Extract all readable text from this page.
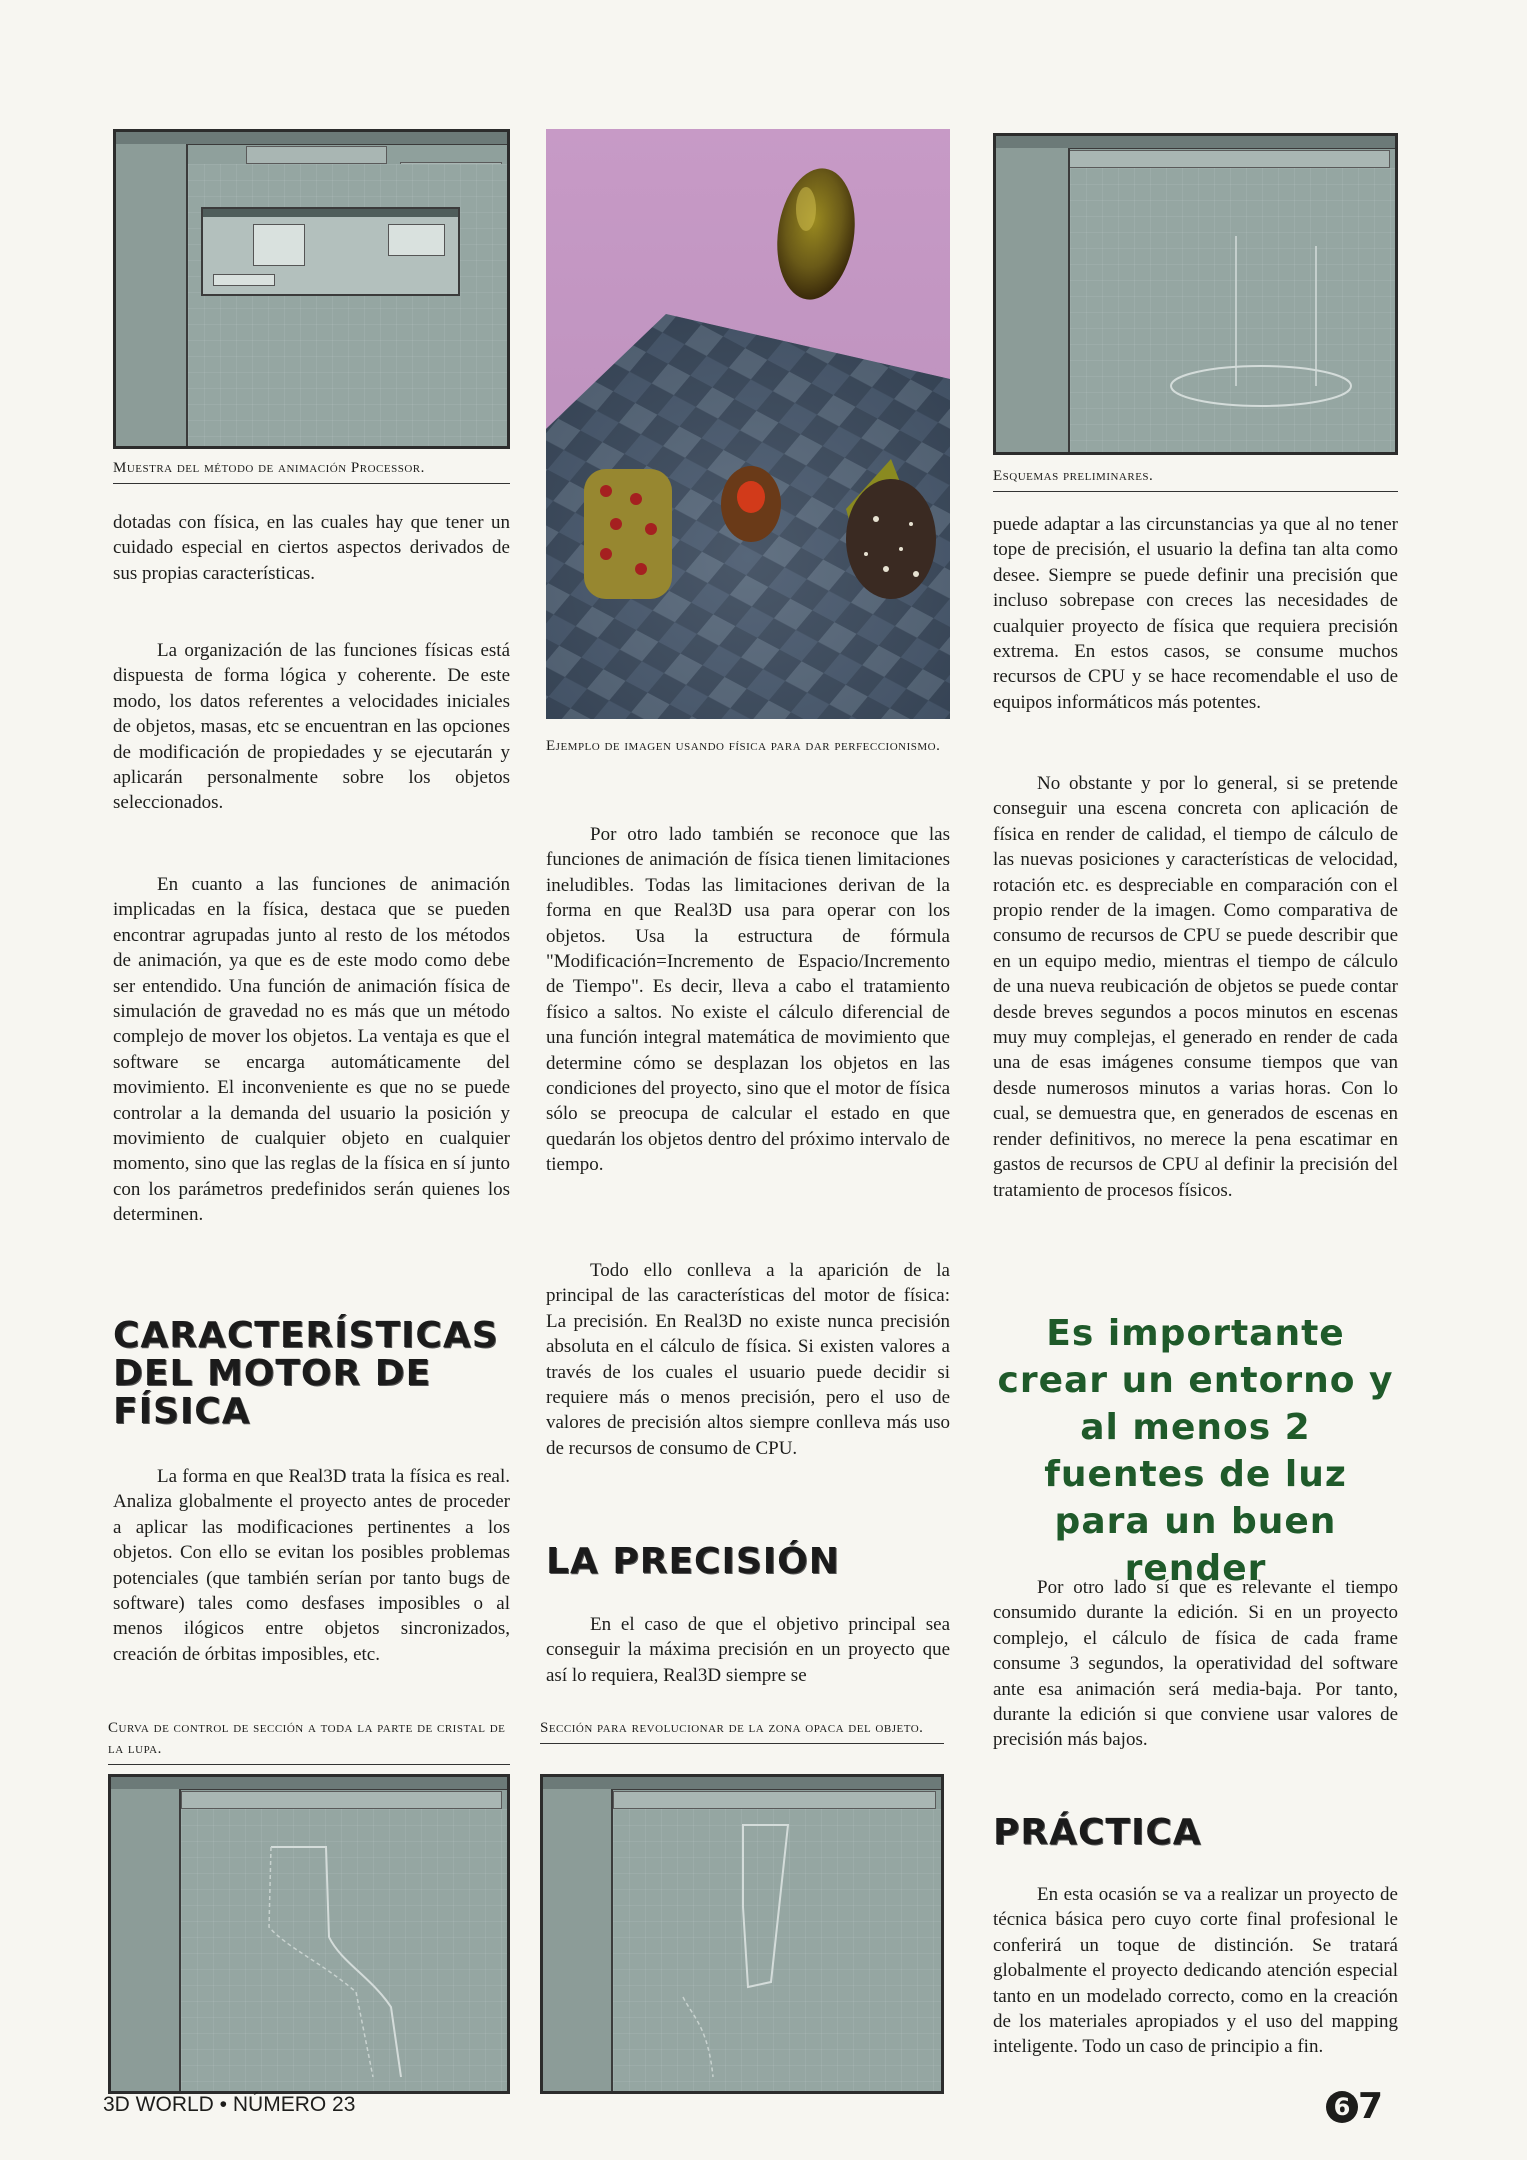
Muestra del método de animación Processor.
Ejemplo de imagen usando física para dar perfeccionismo.
Esquemas preliminares.

dotadas con física, en las cuales hay que tener un cuidado especial en ciertos aspectos derivados de sus propias características.

La organización de las funciones físicas está dispuesta de forma lógica y coherente. De este modo, los datos referentes a velocidades iniciales de objetos, masas, etc se encuentran en las opciones de modificación de propiedades y se ejecutarán y aplicarán personalmente sobre los objetos seleccionados.

En cuanto a las funciones de animación implicadas en la física, destaca que se pueden encontrar agrupadas junto al resto de los métodos de animación, ya que es de este modo como debe ser entendido. Una función de animación física de simulación de gravedad no es más que un método complejo de mover los objetos. La ventaja es que el software se encarga automáticamente del movimiento. El inconveniente es que no se puede controlar a la demanda del usuario la posición y movimiento de cualquier objeto en cualquier momento, sino que las reglas de la física en sí junto con los parámetros predefinidos serán quienes los determinen.

CARACTERÍSTICAS DEL MOTOR DE FÍSICA

La forma en que Real3D trata la física es real. Analiza globalmente el proyecto antes de proceder a aplicar las modificaciones pertinentes a los objetos. Con ello se evitan los posibles problemas potenciales (que también serían por tanto bugs de software) tales como desfases imposibles o al menos ilógicos entre objetos sincronizados, creación de órbitas imposibles, etc.

Curva de control de sección a toda la parte de cristal de la lupa.

Por otro lado también se reconoce que las funciones de animación de física tienen limitaciones ineludibles. Todas las limitaciones derivan de la forma en que Real3D usa para operar con los objetos. Usa la estructura de fórmula "Modificación=Incremento de Espacio/Incremento de Tiempo". Es decir, lleva a cabo el tratamiento físico a saltos. No existe el cálculo diferencial de una función integral matemática de movimiento que determine cómo se desplazan los objetos en las condiciones del proyecto, sino que el motor de física sólo se preocupa de calcular el estado en que quedarán los objetos dentro del próximo intervalo de tiempo.

Todo ello conlleva a la aparición de la principal de las características del motor de física: La precisión. En Real3D no existe nunca precisión absoluta en el cálculo de física. Si existen valores a través de los cuales el usuario puede decidir si requiere más o menos precisión, pero el uso de valores de precisión altos siempre conlleva más uso de recursos de consumo de CPU.

LA PRECISIÓN

En el caso de que el objetivo principal sea conseguir la máxima precisión en un proyecto que así lo requiera, Real3D siempre se

Sección para revolucionar de la zona opaca del objeto.

puede adaptar a las circunstancias ya que al no tener tope de precisión, el usuario la defina tan alta como desee. Siempre se puede definir una precisión que incluso sobrepase con creces las necesidades de cualquier proyecto de física que requiera precisión extrema. En estos casos, se consume muchos recursos de CPU y se hace recomendable el uso de equipos informáticos más potentes.

No obstante y por lo general, si se pretende conseguir una escena concreta con aplicación de física en render de calidad, el tiempo de cálculo de las nuevas posiciones y características de velocidad, rotación etc. es despreciable en comparación con el propio render de la imagen. Como comparativa de consumo de recursos de CPU se puede describir que en un equipo medio, mientras el tiempo de cálculo de una nueva reubicación de objetos se puede contar desde breves segundos a pocos minutos en escenas muy muy complejas, el generado en render de cada una de esas imágenes consume tiempos que van desde numerosos minutos a varias horas. Con lo cual, se demuestra que, en generados de escenas en render definitivos, no merece la pena escatimar en gastos de recursos de CPU al definir la precisión del tratamiento de procesos físicos.

Es importante crear un entorno y al menos 2 fuentes de luz para un buen render

Por otro lado sí que es relevante el tiempo consumido durante la edición. Si en un proyecto complejo, el cálculo de física de cada frame consume 3 segundos, la operatividad del software ante esa animación será media-baja. Por tanto, durante la edición si que conviene usar valores de precisión más bajos.

PRÁCTICA

En esta ocasión se va a realizar un proyecto de técnica básica pero cuyo corte final profesional le conferirá un toque de distinción. Se tratará globalmente el proyecto dedicando atención especial tanto en un modelado correcto, como en la creación de los materiales apropiados y el uso del mapping inteligente. Todo un caso de principio a fin.

3D WORLD • NÚMERO 23	6 7
